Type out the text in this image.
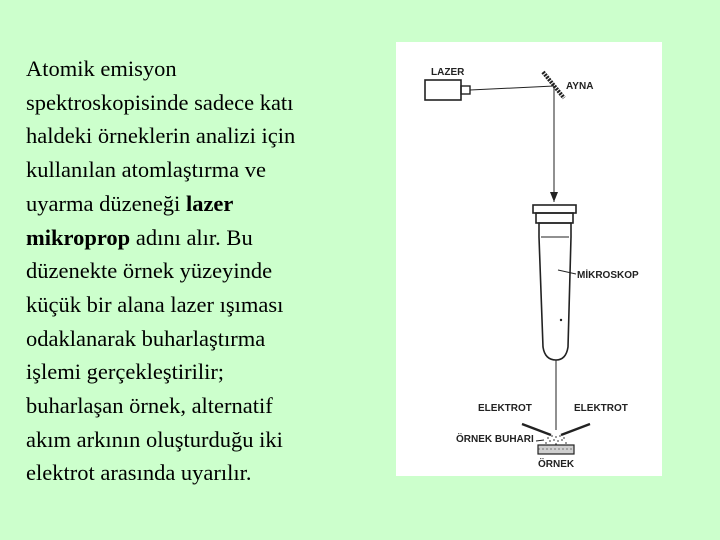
Atomik emisyon
spektroskopisinde sadece katı
haldeki örneklerin analizi için
kullanılan atomlaştırma ve
uyarma düzeneği lazer
mikroprop adını alır. Bu
düzenekte örnek yüzeyinde
küçük bir alana lazer ışıması
odaklanarak buharlaştırma
işlemi gerçekleştirilir;
buharlaşan örnek, alternatif
akım arkının oluşturduğu iki
elektrot arasında uyarılır.
LAZER
AYNA
MİKROSKOP
ELEKTROT	ELEKTROT
ÖRNEK BUHARI
ÖRNEK
